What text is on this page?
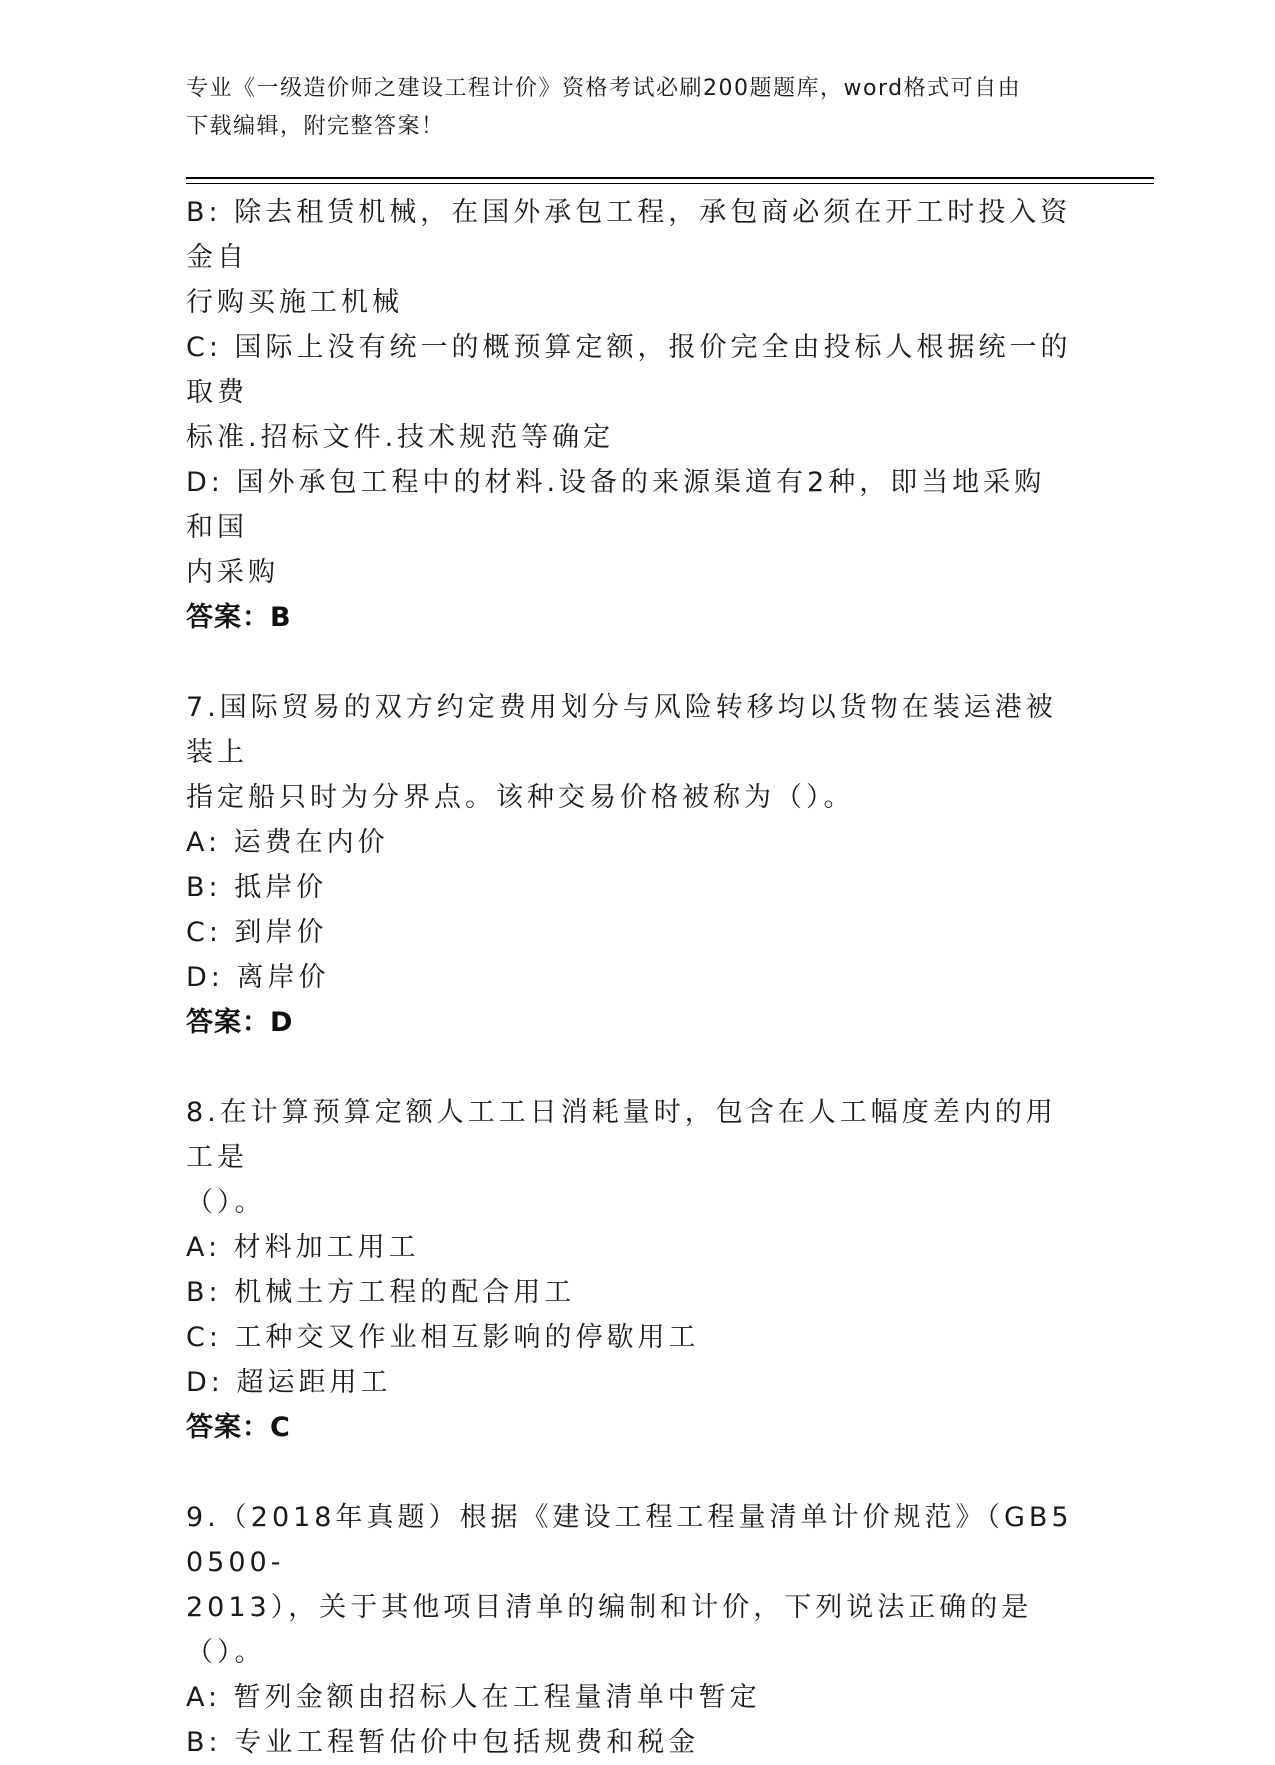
专业《一级造价师之建设工程计价》资格考试必刷200题题库，word格式可自由
下载编辑，附完整答案！
B: 除去租赁机械，在国外承包工程，承包商必须在开工时投入资金自
行购买施工机械
C: 国际上没有统一的概预算定额，报价完全由投标人根据统一的取费
标准.招标文件.技术规范等确定
D: 国外承包工程中的材料.设备的来源渠道有2种，即当地采购和国
内采购
答案：B
7.国际贸易的双方约定费用划分与风险转移均以货物在装运港被装上
指定船只时为分界点。该种交易价格被称为（）。
A: 运费在内价
B: 抵岸价
C: 到岸价
D: 离岸价
答案：D
8.在计算预算定额人工工日消耗量时，包含在人工幅度差内的用工是
（）。
A: 材料加工用工
B: 机械土方工程的配合用工
C: 工种交叉作业相互影响的停歇用工
D: 超运距用工
答案：C
9.（2018年真题）根据《建设工程工程量清单计价规范》（GB50500-
2013），关于其他项目清单的编制和计价，下列说法正确的是（）。
A: 暂列金额由招标人在工程量清单中暂定
B: 专业工程暂估价中包括规费和税金
